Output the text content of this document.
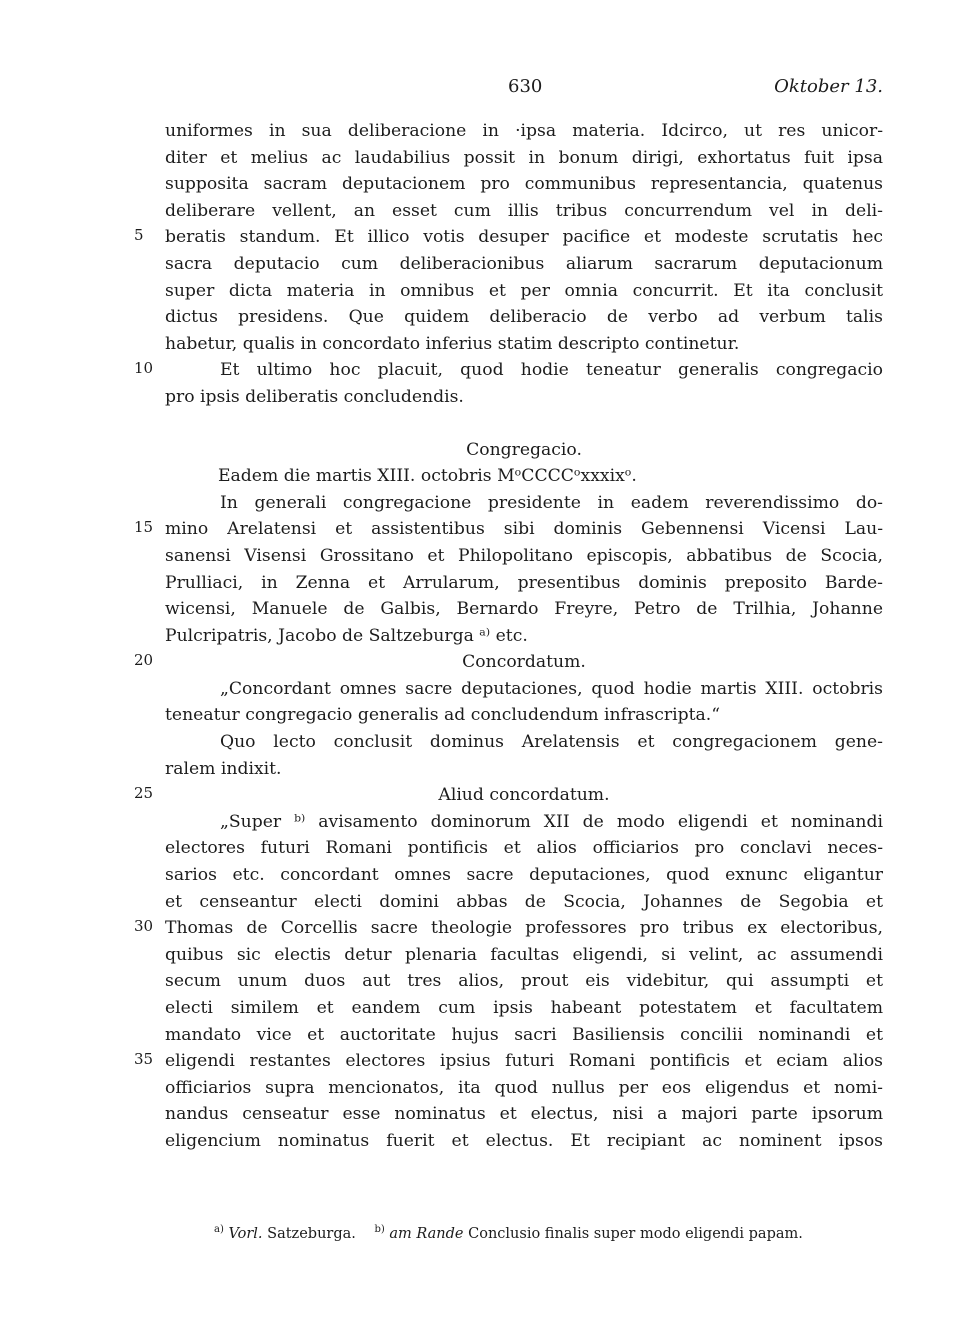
630	Oktober 13.
uniformes in sua deliberacione in ·ipsa materia. Idcirco, ut res unicor-
diter et melius ac laudabilius possit in bonum dirigi, exhortatus fuit ipsa
supposita sacram deputacionem pro communibus representancia, quatenus
deliberare vellent, an esset cum illis tribus concurrendum vel in deli-
5 beratis standum. Et illico votis desuper pacifice et modeste scrutatis hec
sacra deputacio cum deliberacionibus aliarum sacrarum deputacionum
super dicta materia in omnibus et per omnia concurrit. Et ita conclusit
dictus presidens. Que quidem deliberacio de verbo ad verbum talis
habetur, qualis in concordato inferius statim descripto continetur.
10	Et ultimo hoc placuit, quod hodie teneatur generalis congregacio
pro ipsis deliberatis concludendis.
Congregacio.
Eadem die martis XIII. octobris MᵒCCCCᵒxxxixᵒ.
In generali congregacione presidente in eadem reverendissimo do-
15 mino Arelatensi et assistentibus sibi dominis Gebennensi Vicensi Lau-
sanensi Visensi Grossitano et Philopolitano episcopis, abbatibus de Scocia,
Prulliaci, in Zenna et Arrularum, presentibus dominis preposito Barde-
wicensi, Manuele de Galbis, Bernardo Freyre, Petro de Trilhia, Johanne
Pulcripatris, Jacobo de Saltzeburga ᵃ⁾ etc.
20	Concordatum.
„Concordant omnes sacre deputaciones, quod hodie martis XIII. octobris
teneatur congregacio generalis ad concludendum infrascripta.“
Quo lecto conclusit dominus Arelatensis et congregacionem gene-
ralem indixit.
25	Aliud concordatum.
„Super ᵇ⁾ avisamento dominorum XII de modo eligendi et nominandi
electores futuri Romani pontificis et alios officiarios pro conclavi neces-
sarios etc. concordant omnes sacre deputaciones, quod exnunc eligantur
et censeantur electi domini abbas de Scocia, Johannes de Segobia et
30 Thomas de Corcellis sacre theologie professores pro tribus ex electoribus,
quibus sic electis detur plenaria facultas eligendi, si velint, ac assumendi
secum unum duos aut tres alios, prout eis videbitur, qui assumpti et
electi similem et eandem cum ipsis habeant potestatem et facultatem
mandato vice et auctoritate hujus sacri Basiliensis concilii nominandi et
35 eligendi restantes electores ipsius futuri Romani pontificis et eciam alios
officiarios supra mencionatos, ita quod nullus per eos eligendus et nomi-
nandus censeatur esse nominatus et electus, nisi a majori parte ipsorum
eligencium nominatus fuerit et electus. Et recipiant ac nominent ipsos
$^{a)}$ Vorl. Satzeburga. $^{b)}$ am Rande Conclusio finalis super modo eligendi papam.
